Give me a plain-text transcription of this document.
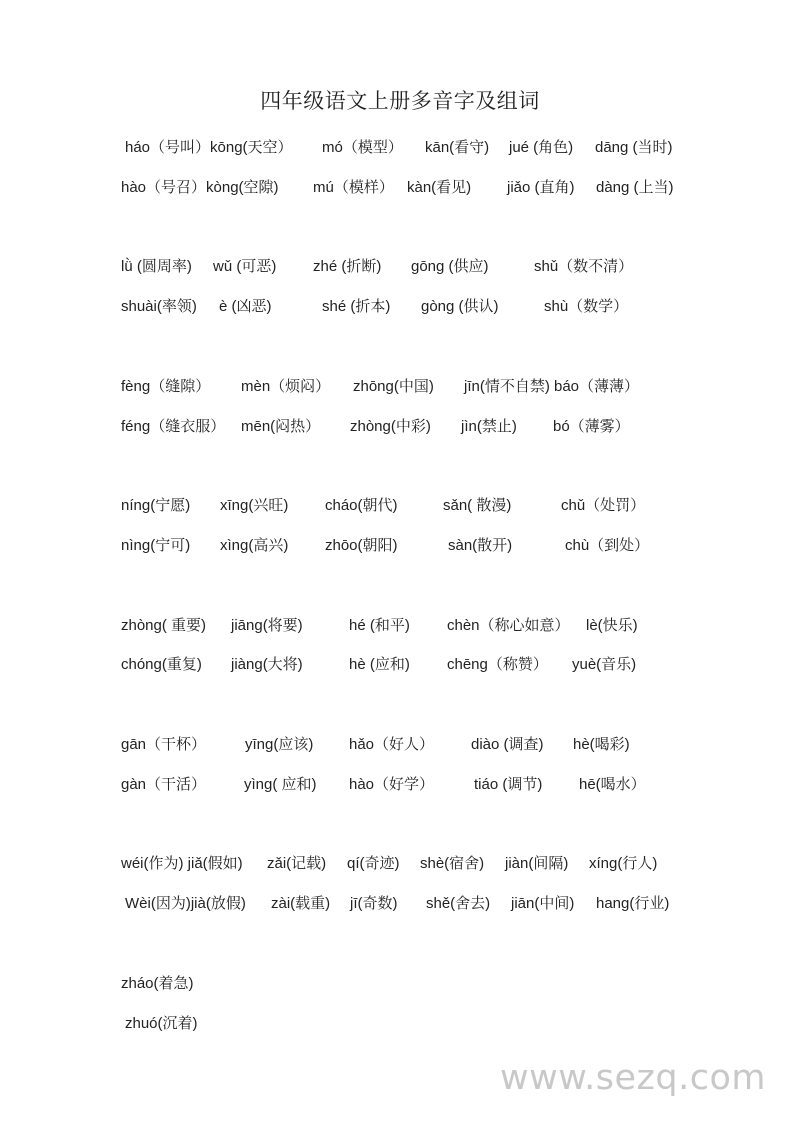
四年级语文上册多音字及组词
háo（号叫）kōng(天空） mó（模型） kān(看守) jué (角色) dāng (当时)
hào（号召）kòng(空隙) mú（模样） kàn(看见) jiǎo (直角) dàng (上当)
lǜ (圆周率) wǔ (可恶) zhé (折断) gōng (供应)	shǔ（数不清）
shuài(率领) è (凶恶)	shé (折本) gòng (供认)	shù（数学）
fèng（缝隙） mèn（烦闷） zhōng(中国) jīn(情不自禁) báo（薄薄）
féng（缝衣服） mēn(闷热） zhòng(中彩) jìn(禁止) bó（薄雾）
níng(宁愿) xīng(兴旺) cháo(朝代)	sǎn( 散漫)	chǔ（处罚）
nìng(宁可) xìng(高兴) zhōo(朝阳)	sàn(散开)	chù（到处）
zhòng( 重要) jiāng(将要)	hé (和平) chèn（称心如意） lè(快乐)
chóng(重复) jiàng(大将)	hè (应和) chēng（称赞） yuè(音乐)
gān（干杯）	yīng(应该) hǎo（好人） diào (调查) hè(喝彩)
gàn（干活）	yìng( 应和) hào（好学）	tiáo (调节) hē(喝水）
wéi(作为) jiǎ(假如) zǎi(记载) qí(奇迹) shè(宿舍) jiàn(间隔) xíng(行人)
Wèi(因为)jià(放假) zài(载重) jī(奇数) shě(舍去) jiān(中间) hang(行业)
zháo(着急)
zhuó(沉着)
www.sezq.com
